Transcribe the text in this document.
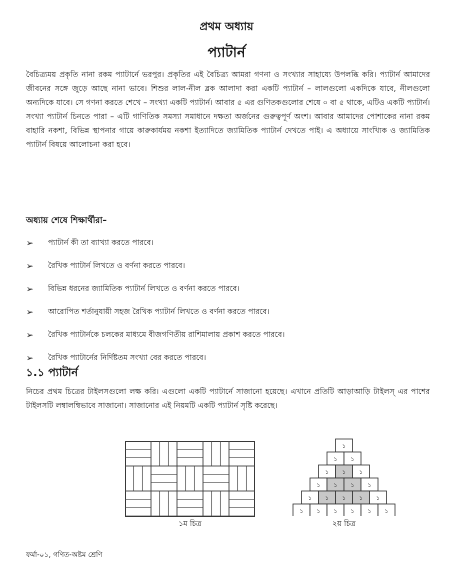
প্রথম অধ্যায়
প্যাটার্ন
বৈচিত্র্যময় প্রকৃতি নানা রকম প্যাটার্নে ভরপুর। প্রকৃতির এই বৈচিত্র্য আমরা গণনা ও সংখ্যার সাহায্যে উপলব্ধি করি। প্যাটার্ন আমাদের জীবনের সঙ্গে জুড়ে আছে নানা ভাবে। শিশুর লাল-নীল ব্লক আলাদা করা একটি প্যাটার্ন – লালগুলো একদিকে যাবে, নীলগুলো অন্যদিকে যাবে। সে গণনা করতে শেখে – সংখ্যা একটি প্যাটার্ন। আবার ৫ এর গুণিতকগুলোর শেষে ০ বা ৫ থাকে, এটিও একটি প্যাটার্ন। সংখ্যা প্যাটার্ন চিনতে পারা – এটি গাণিতিক সমস্যা সমাধানে দক্ষতা অর্জনের গুরুত্বপূর্ণ অংশ। আবার আমাদের পোশাকের নানা রকম বাহারি নকশা, বিভিন্ন স্থাপনার গায়ে কারুকার্যময় নকশা ইত্যাদিতে জ্যামিতিক প্যাটার্ন দেখতে পাই। এ অধ্যায়ে সাংখ্যিক ও জ্যামিতিক প্যাটার্ন বিষয়ে আলোচনা করা হবে।
অধ্যায় শেষে শিক্ষার্থীরা–
➢	প্যাটার্ন কী তা ব্যাখ্যা করতে পারবে।
➢	রৈখিক প্যাটার্ন লিখতে ও বর্ণনা করতে পারবে।
➢	বিভিন্ন ধরনের জ্যামিতিক প্যাটার্ন লিখতে ও বর্ণনা করতে পারবে।
➢	আরোপিত শর্তানুযায়ী সহজ রৈখিক প্যাটার্ন লিখতে ও বর্ণনা করতে পারবে।
➢	রৈখিক প্যাটার্নকে চলকের মাধ্যমে বীজগণিতীয় রাশিমালায় প্রকাশ করতে পারবে।
➢	রৈখিক প্যাটার্নের নির্দিষ্টতম সংখ্যা বের করতে পারবে।
১.১ প্যাটার্ন
নিচের প্রথম চিত্রের টাইলসগুলো লক্ষ করি। এগুলো একটি প্যাটার্নে সাজানো হয়েছে। এখানে প্রতিটি আড়াআড়ি টাইলস্ এর পাশের টাইলসটি লম্বালম্বিভাবে সাজানো। সাজানোর এই নিয়মটি একটি প্যাটার্ন সৃষ্টি করেছে।
১
১ ১
১ ১ ১
১ ১ ১ ১
১ ১ ১ ১ ১
১ ১ ১ ১ ১ ১
১ম চিত্র	২য় চিত্র
ফর্মা-০১, গণিত-অষ্টম শ্রেণি
